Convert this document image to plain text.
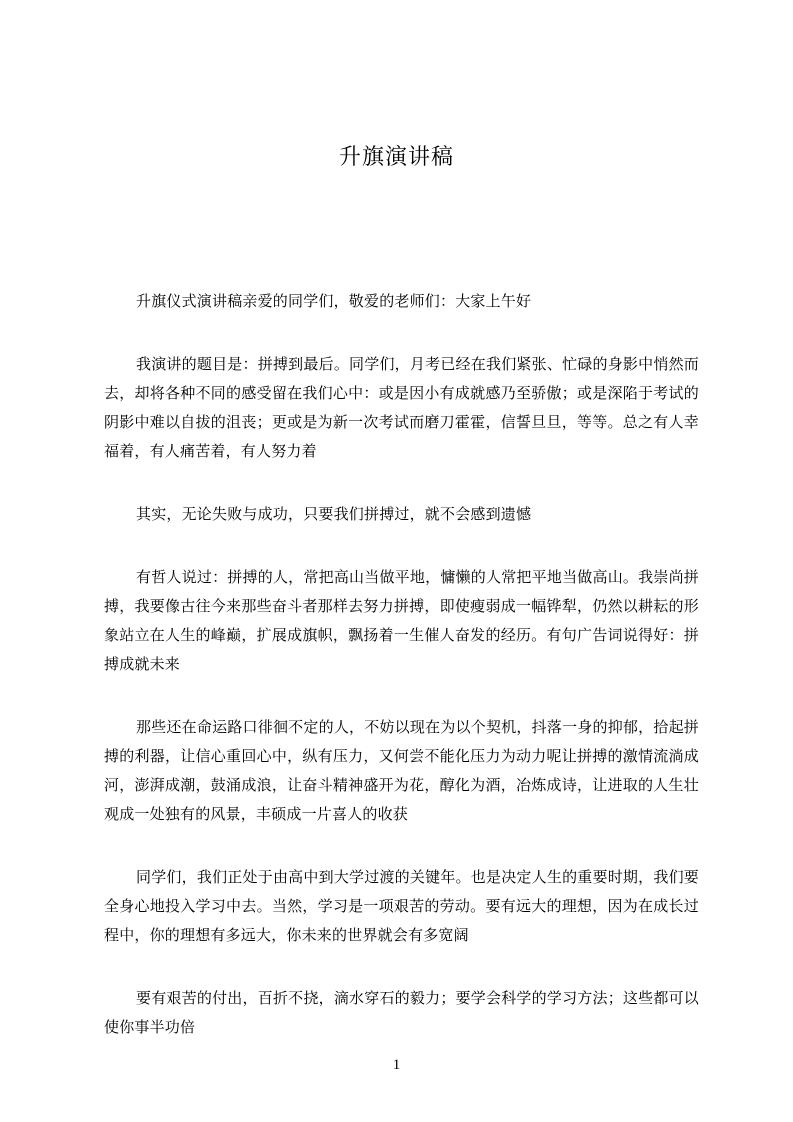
升旗演讲稿

升旗仪式演讲稿亲爱的同学们，敬爱的老师们：大家上午好

我演讲的题目是：拼搏到最后。同学们，月考已经在我们紧张、忙碌的身影中悄然而去，却将各种不同的感受留在我们心中：或是因小有成就感乃至骄傲；或是深陷于考试的阴影中难以自拔的沮丧；更或是为新一次考试而磨刀霍霍，信誓旦旦，等等。总之有人幸福着，有人痛苦着，有人努力着

其实，无论失败与成功，只要我们拼搏过，就不会感到遗憾

有哲人说过：拼搏的人，常把高山当做平地，慵懒的人常把平地当做高山。我崇尚拼搏，我要像古往今来那些奋斗者那样去努力拼搏，即使瘦弱成一幅铧犁，仍然以耕耘的形象站立在人生的峰巅，扩展成旗帜，飘扬着一生催人奋发的经历。有句广告词说得好：拼搏成就未来

那些还在命运路口徘徊不定的人，不妨以现在为以个契机，抖落一身的抑郁，拾起拼搏的利器，让信心重回心中，纵有压力，又何尝不能化压力为动力呢让拼搏的激情流淌成河，澎湃成潮，鼓涌成浪，让奋斗精神盛开为花，醇化为酒，冶炼成诗，让进取的人生壮观成一处独有的风景，丰硕成一片喜人的收获

同学们，我们正处于由高中到大学过渡的关键年。也是决定人生的重要时期，我们要全身心地投入学习中去。当然，学习是一项艰苦的劳动。要有远大的理想，因为在成长过程中，你的理想有多远大，你未来的世界就会有多宽阔

要有艰苦的付出，百折不挠，滴水穿石的毅力；要学会科学的学习方法；这些都可以使你事半功倍

1
